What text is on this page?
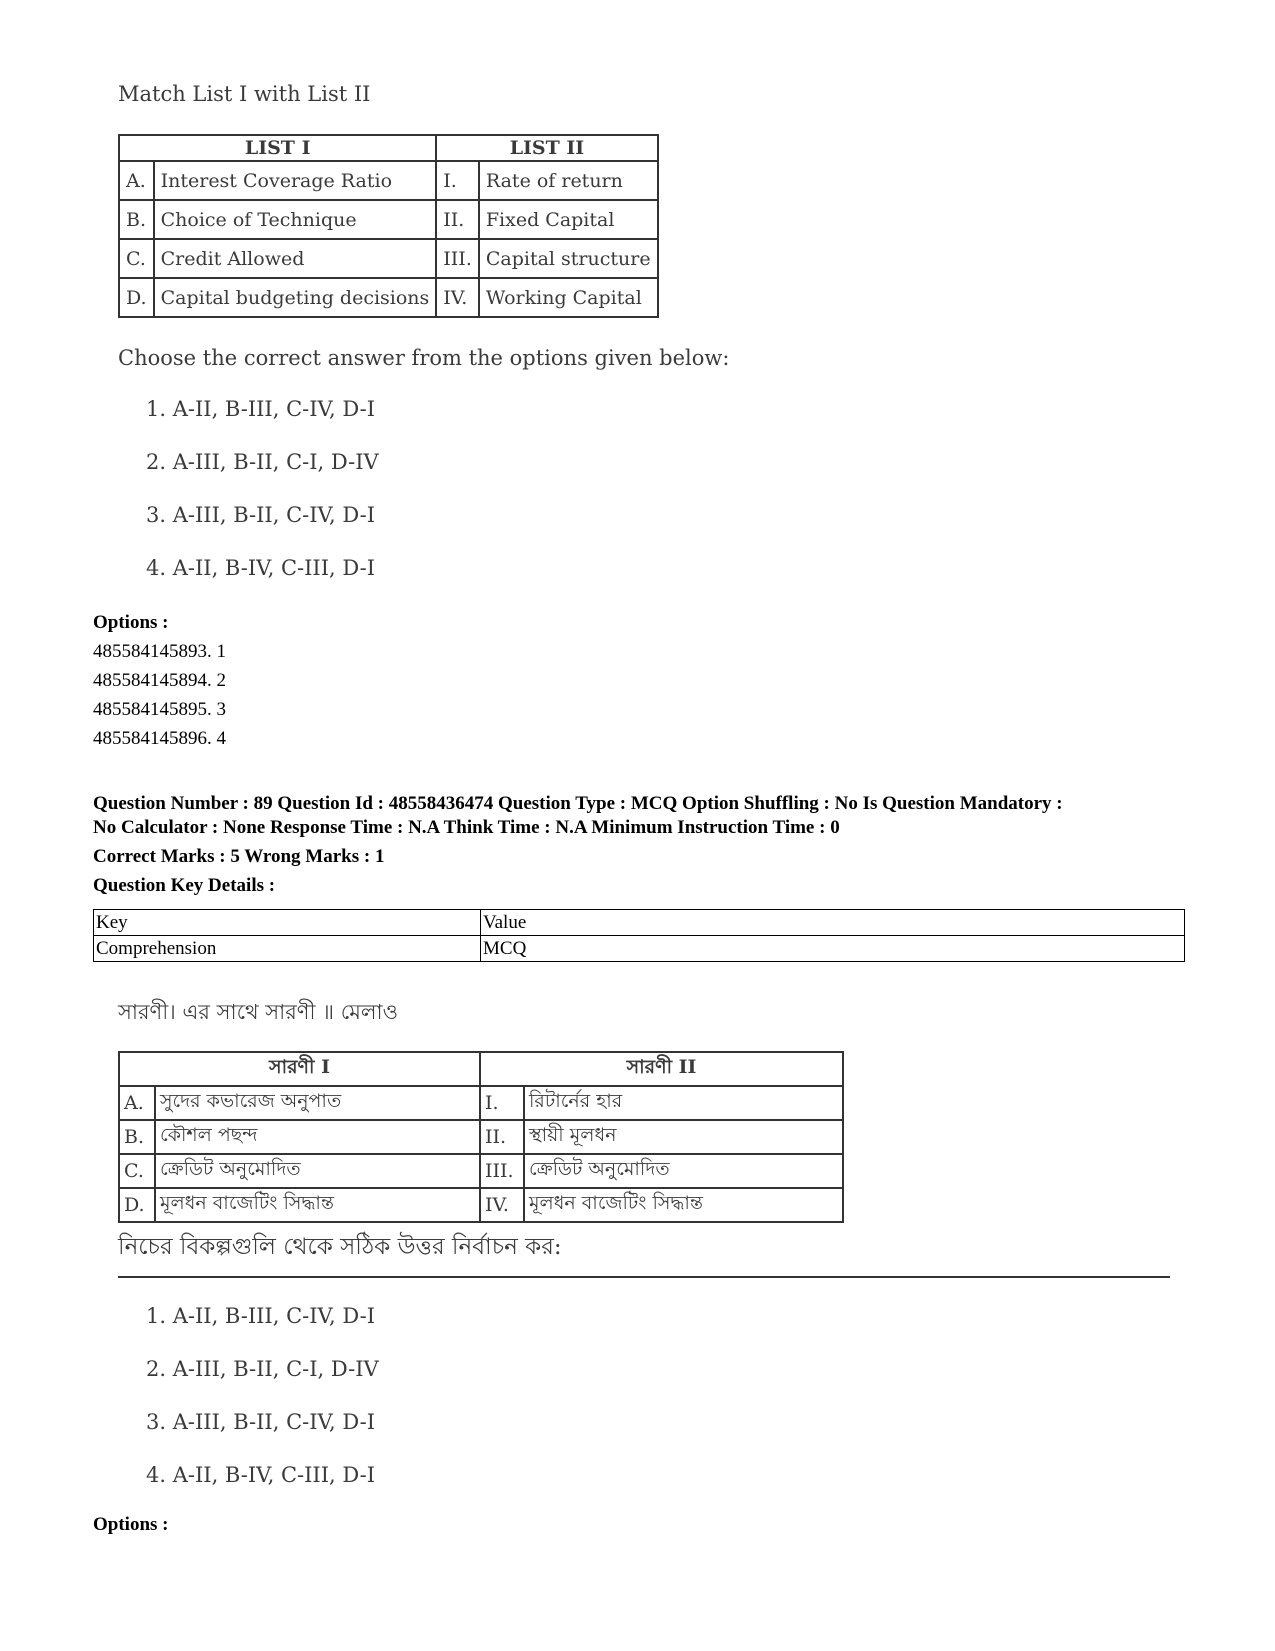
Match List I with List II
LIST I		LIST II	
A.	Interest Coverage Ratio	I.	Rate of return
B.	Choice of Technique	II.	Fixed Capital
C.	Credit Allowed	III.	Capital structure
D.	Capital budgeting decisions	IV.	Working Capital
Choose the correct answer from the options given below:
1. A-II, B-III, C-IV, D-I
2. A-III, B-II, C-I, D-IV
3. A-III, B-II, C-IV, D-I
4. A-II, B-IV, C-III, D-I
Options :
485584145893. 1
485584145894. 2
485584145895. 3
485584145896. 4
Question Number : 89 Question Id : 48558436474 Question Type : MCQ Option Shuffling : No Is Question Mandatory :
No Calculator : None Response Time : N.A Think Time : N.A Minimum Instruction Time : 0
Correct Marks : 5 Wrong Marks : 1
Question Key Details :
Key	Value
Comprehension	MCQ
সারণী। এর সাথে সারণী ॥ মেলাও
সারণী I		সারণী II	
A.	সুদের কভারেজ অনুপাত	I.	রিটার্নের হার
B.	কৌশল পছন্দ	II.	স্থায়ী মূলধন
C.	ক্রেডিট অনুমোদিত	III.	ক্রেডিট অনুমোদিত
D.	মূলধন বাজেটিং সিদ্ধান্ত	IV.	মূলধন বাজেটিং সিদ্ধান্ত
নিচের বিকল্পগুলি থেকে সঠিক উত্তর নির্বাচন কর:
1. A-II, B-III, C-IV, D-I
2. A-III, B-II, C-I, D-IV
3. A-III, B-II, C-IV, D-I
4. A-II, B-IV, C-III, D-I
Options :
